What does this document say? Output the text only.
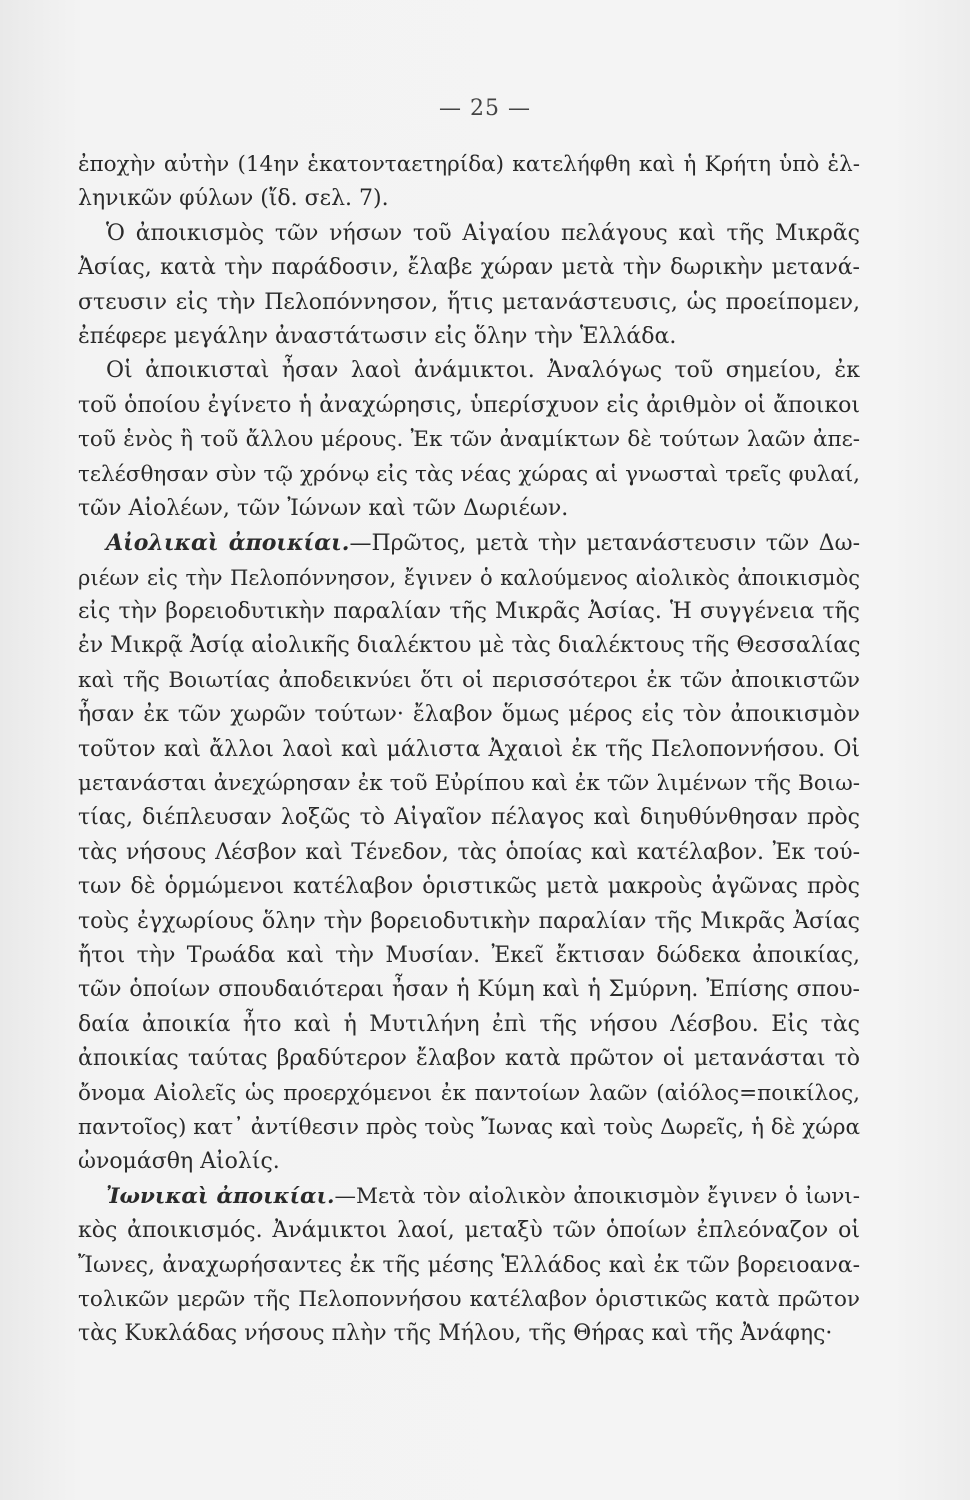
— 25 —
ἐποχὴν αὐτὴν (14ην ἑκατονταετηρίδα) κατελήφθη καὶ ἡ Κρήτη ὑπὸ ἑλ-
ληνικῶν φύλων (ἴδ. σελ. 7).
Ὁ ἀποικισμὸς τῶν νήσων τοῦ Αἰγαίου πελάγους καὶ τῆς Μικρᾶς
Ἀσίας, κατὰ τὴν παράδοσιν, ἔλαβε χώραν μετὰ τὴν δωρικὴν μετανά-
στευσιν εἰς τὴν Πελοπόννησον, ἥτις μετανάστευσις, ὡς προείπομεν,
ἐπέφερε μεγάλην ἀναστάτωσιν εἰς ὅλην τὴν Ἑλλάδα.
Οἱ ἀποικισταὶ ἦσαν λαοὶ ἀνάμικτοι. Ἀναλόγως τοῦ σημείου, ἐκ
τοῦ ὁποίου ἐγίνετο ἡ ἀναχώρησις, ὑπερίσχυον εἰς ἀριθμὸν οἱ ἄποικοι
τοῦ ἑνὸς ἢ τοῦ ἄλλου μέρους. Ἐκ τῶν ἀναμίκτων δὲ τούτων λαῶν ἀπε-
τελέσθησαν σὺν τῷ χρόνῳ εἰς τὰς νέας χώρας αἱ γνωσταὶ τρεῖς φυλαί,
τῶν Αἰολέων, τῶν Ἰώνων καὶ τῶν Δωριέων.
Αἰολικαὶ ἀποικίαι.—Πρῶτος, μετὰ τὴν μετανάστευσιν τῶν Δω-
ριέων εἰς τὴν Πελοπόννησον, ἔγινεν ὁ καλούμενος αἰολικὸς ἀποικισμὸς
εἰς τὴν βορειοδυτικὴν παραλίαν τῆς Μικρᾶς Ἀσίας. Ἡ συγγένεια τῆς
ἐν Μικρᾷ Ἀσίᾳ αἰολικῆς διαλέκτου μὲ τὰς διαλέκτους τῆς Θεσσαλίας
καὶ τῆς Βοιωτίας ἀποδεικνύει ὅτι οἱ περισσότεροι ἐκ τῶν ἀποικιστῶν
ἦσαν ἐκ τῶν χωρῶν τούτων· ἔλαβον ὅμως μέρος εἰς τὸν ἀποικισμὸν
τοῦτον καὶ ἄλλοι λαοὶ καὶ μάλιστα Ἀχαιοὶ ἐκ τῆς Πελοποννήσου. Οἱ
μετανάσται ἀνεχώρησαν ἐκ τοῦ Εὐρίπου καὶ ἐκ τῶν λιμένων τῆς Βοιω-
τίας, διέπλευσαν λοξῶς τὸ Αἰγαῖον πέλαγος καὶ διηυθύνθησαν πρὸς
τὰς νήσους Λέσβον καὶ Τένεδον, τὰς ὁποίας καὶ κατέλαβον. Ἐκ τού-
των δὲ ὁρμώμενοι κατέλαβον ὁριστικῶς μετὰ μακροὺς ἀγῶνας πρὸς
τοὺς ἐγχωρίους ὅλην τὴν βορειοδυτικὴν παραλίαν τῆς Μικρᾶς Ἀσίας
ἤτοι τὴν Τρωάδα καὶ τὴν Μυσίαν. Ἐκεῖ ἔκτισαν δώδεκα ἀποικίας,
τῶν ὁποίων σπουδαιότεραι ἦσαν ἡ Κύμη καὶ ἡ Σμύρνη. Ἐπίσης σπου-
δαία ἀποικία ἦτο καὶ ἡ Μυτιλήνη ἐπὶ τῆς νήσου Λέσβου. Εἰς τὰς
ἀποικίας ταύτας βραδύτερον ἔλαβον κατὰ πρῶτον οἱ μετανάσται τὸ
ὄνομα Αἰολεῖς ὡς προερχόμενοι ἐκ παντοίων λαῶν (αἰόλος=ποικίλος,
παντοῖος) κατ᾿ ἀντίθεσιν πρὸς τοὺς Ἴωνας καὶ τοὺς Δωρεῖς, ἡ δὲ χώρα
ὠνομάσθη Αἰολίς.
Ἰωνικαὶ ἀποικίαι.—Μετὰ τὸν αἰολικὸν ἀποικισμὸν ἔγινεν ὁ ἰωνι-
κὸς ἀποικισμός. Ἀνάμικτοι λαοί, μεταξὺ τῶν ὁποίων ἐπλεόναζον οἱ
Ἴωνες, ἀναχωρήσαντες ἐκ τῆς μέσης Ἑλλάδος καὶ ἐκ τῶν βορειοανα-
τολικῶν μερῶν τῆς Πελοποννήσου κατέλαβον ὁριστικῶς κατὰ πρῶτον
τὰς Κυκλάδας νήσους πλὴν τῆς Μήλου, τῆς Θήρας καὶ τῆς Ἀνάφης·
